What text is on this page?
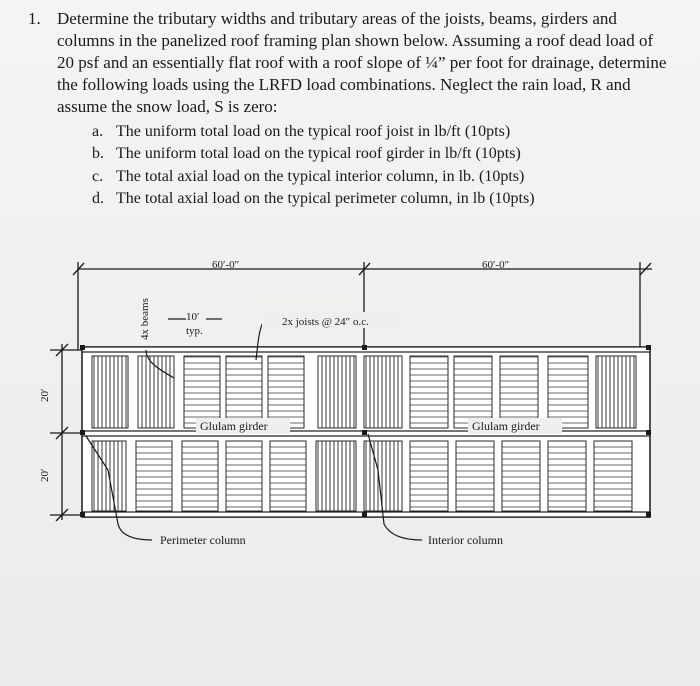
1. Determine the tributary widths and tributary areas of the joists, beams, girders and
columns in the panelized roof framing plan shown below. Assuming a roof dead load of
20 psf and an essentially flat roof with a roof slope of ¼” per foot for drainage, determine
the following loads using the LRFD load combinations. Neglect the rain load, R and
assume the snow load, S is zero:
a. The uniform total load on the typical roof joist in lb/ft (10pts)
b. The uniform total load on the typical roof girder in lb/ft (10pts)
c. The total axial load on the typical interior column, in lb. (10pts)
d. The total axial load on the typical perimeter column, in lb (10pts)
60′-0″	60′-0″
4x beams	10′
typ.
2x joists @ 24″ o.c.
20′
20′
Glulam girder	Glulam girder
Perimeter column	Interior column
